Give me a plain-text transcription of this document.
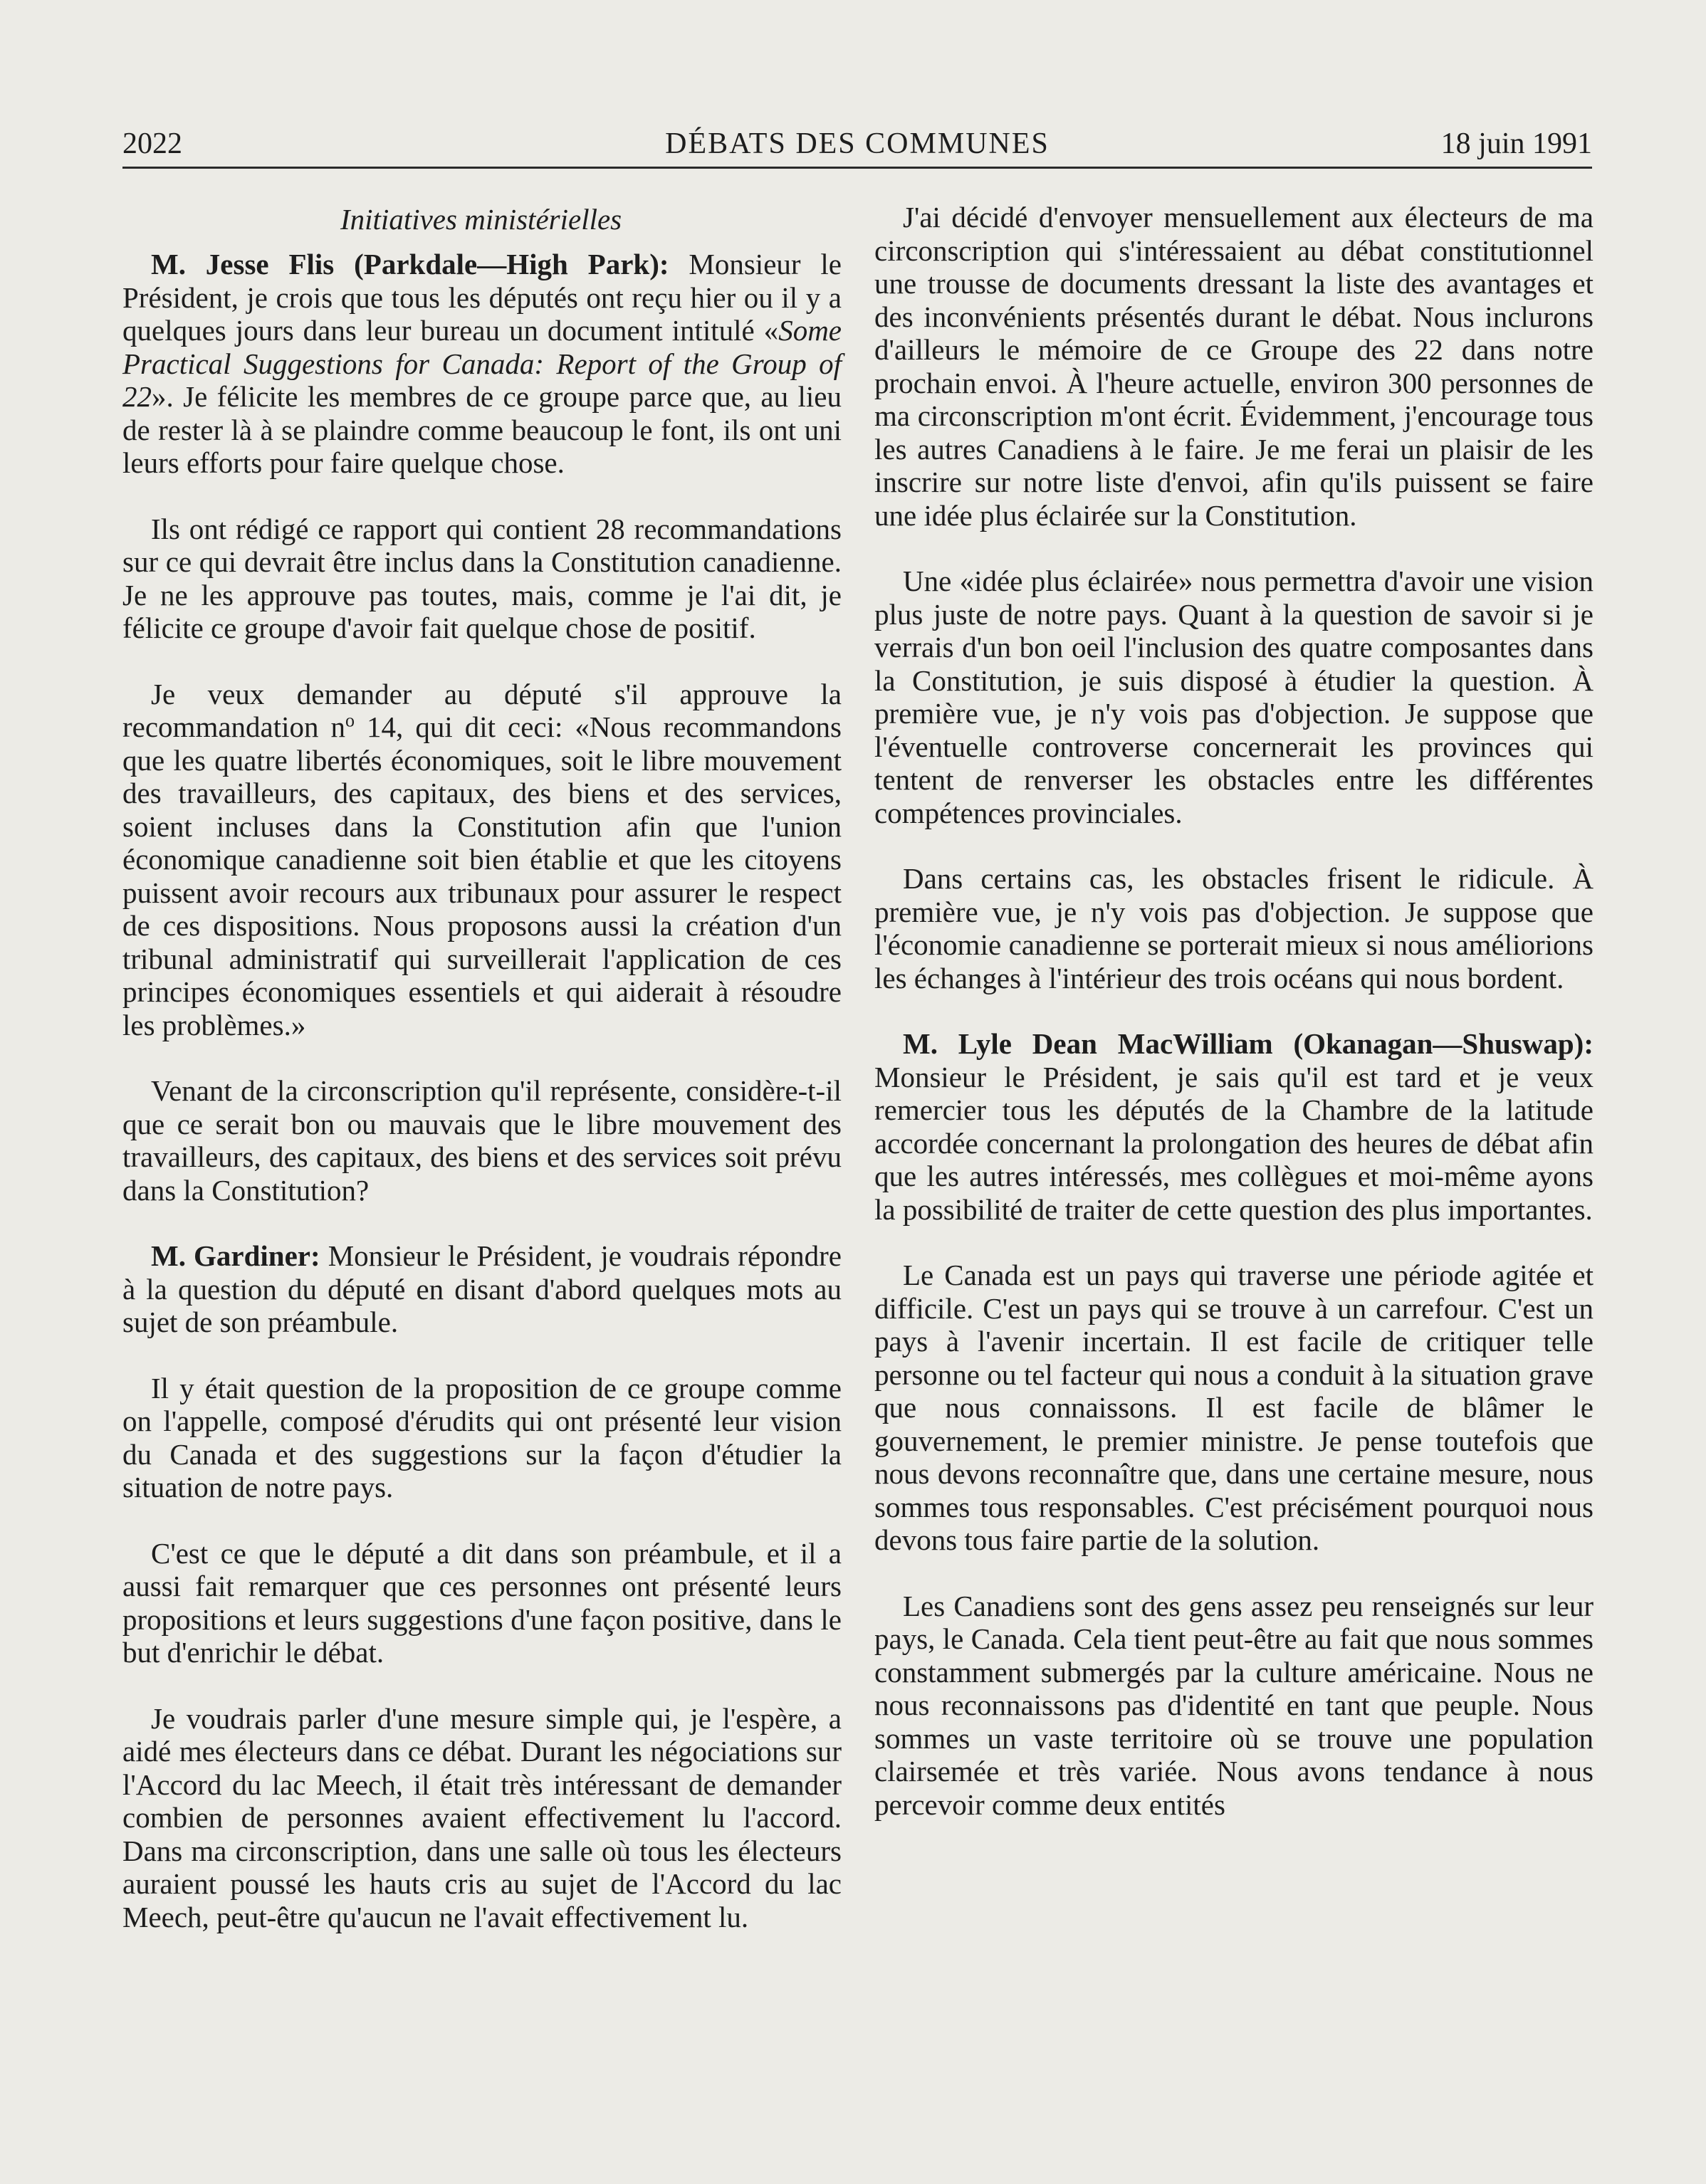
2022	DÉBATS DES COMMUNES	18 juin 1991

Initiatives ministérielles

M. Jesse Flis (Parkdale—High Park): Monsieur le Président, je crois que tous les députés ont reçu hier ou il y a quelques jours dans leur bureau un document intitulé «Some Practical Suggestions for Canada: Report of the Group of 22». Je félicite les membres de ce groupe parce que, au lieu de rester là à se plaindre comme beaucoup le font, ils ont uni leurs efforts pour faire quelque chose.

Ils ont rédigé ce rapport qui contient 28 recommandations sur ce qui devrait être inclus dans la Constitution canadienne. Je ne les approuve pas toutes, mais, comme je l'ai dit, je félicite ce groupe d'avoir fait quelque chose de positif.

Je veux demander au député s'il approuve la recommandation $n^o$ 14, qui dit ceci: «Nous recommandons que les quatre libertés économiques, soit le libre mouvement des travailleurs, des capitaux, des biens et des services, soient incluses dans la Constitution afin que l'union économique canadienne soit bien établie et que les citoyens puissent avoir recours aux tribunaux pour assurer le respect de ces dispositions. Nous proposons aussi la création d'un tribunal administratif qui surveillerait l'application de ces principes économiques essentiels et qui aiderait à résoudre les problèmes.»

Venant de la circonscription qu'il représente, considère-t-il que ce serait bon ou mauvais que le libre mouvement des travailleurs, des capitaux, des biens et des services soit prévu dans la Constitution?

M. Gardiner: Monsieur le Président, je voudrais répondre à la question du député en disant d'abord quelques mots au sujet de son préambule.

Il y était question de la proposition de ce groupe comme on l'appelle, composé d'érudits qui ont présenté leur vision du Canada et des suggestions sur la façon d'étudier la situation de notre pays.

C'est ce que le député a dit dans son préambule, et il a aussi fait remarquer que ces personnes ont présenté leurs propositions et leurs suggestions d'une façon positive, dans le but d'enrichir le débat.

Je voudrais parler d'une mesure simple qui, je l'espère, a aidé mes électeurs dans ce débat. Durant les négociations sur l'Accord du lac Meech, il était très intéressant de demander combien de personnes avaient effectivement lu l'accord. Dans ma circonscription, dans une salle où tous les électeurs auraient poussé les hauts cris au sujet de l'Accord du lac Meech, peut-être qu'aucun ne l'avait effectivement lu.

J'ai décidé d'envoyer mensuellement aux électeurs de ma circonscription qui s'intéressaient au débat constitutionnel une trousse de documents dressant la liste des avantages et des inconvénients présentés durant le débat. Nous inclurons d'ailleurs le mémoire de ce Groupe des 22 dans notre prochain envoi. À l'heure actuelle, environ 300 personnes de ma circonscription m'ont écrit. Évidemment, j'encourage tous les autres Canadiens à le faire. Je me ferai un plaisir de les inscrire sur notre liste d'envoi, afin qu'ils puissent se faire une idée plus éclairée sur la Constitution.

Une «idée plus éclairée» nous permettra d'avoir une vision plus juste de notre pays. Quant à la question de savoir si je verrais d'un bon oeil l'inclusion des quatre composantes dans la Constitution, je suis disposé à étudier la question. À première vue, je n'y vois pas d'objection. Je suppose que l'éventuelle controverse concernerait les provinces qui tentent de renverser les obstacles entre les différentes compétences provinciales.

Dans certains cas, les obstacles frisent le ridicule. À première vue, je n'y vois pas d'objection. Je suppose que l'économie canadienne se porterait mieux si nous améliorions les échanges à l'intérieur des trois océans qui nous bordent.

M. Lyle Dean MacWilliam (Okanagan—Shuswap): Monsieur le Président, je sais qu'il est tard et je veux remercier tous les députés de la Chambre de la latitude accordée concernant la prolongation des heures de débat afin que les autres intéressés, mes collègues et moi-même ayons la possibilité de traiter de cette question des plus importantes.

Le Canada est un pays qui traverse une période agitée et difficile. C'est un pays qui se trouve à un carrefour. C'est un pays à l'avenir incertain. Il est facile de critiquer telle personne ou tel facteur qui nous a conduit à la situation grave que nous connaissons. Il est facile de blâmer le gouvernement, le premier ministre. Je pense toutefois que nous devons reconnaître que, dans une certaine mesure, nous sommes tous responsables. C'est précisément pourquoi nous devons tous faire partie de la solution.

Les Canadiens sont des gens assez peu renseignés sur leur pays, le Canada. Cela tient peut-être au fait que nous sommes constamment submergés par la culture américaine. Nous ne nous reconnaissons pas d'identité en tant que peuple. Nous sommes un vaste territoire où se trouve une population clairsemée et très variée. Nous avons tendance à nous percevoir comme deux entités
